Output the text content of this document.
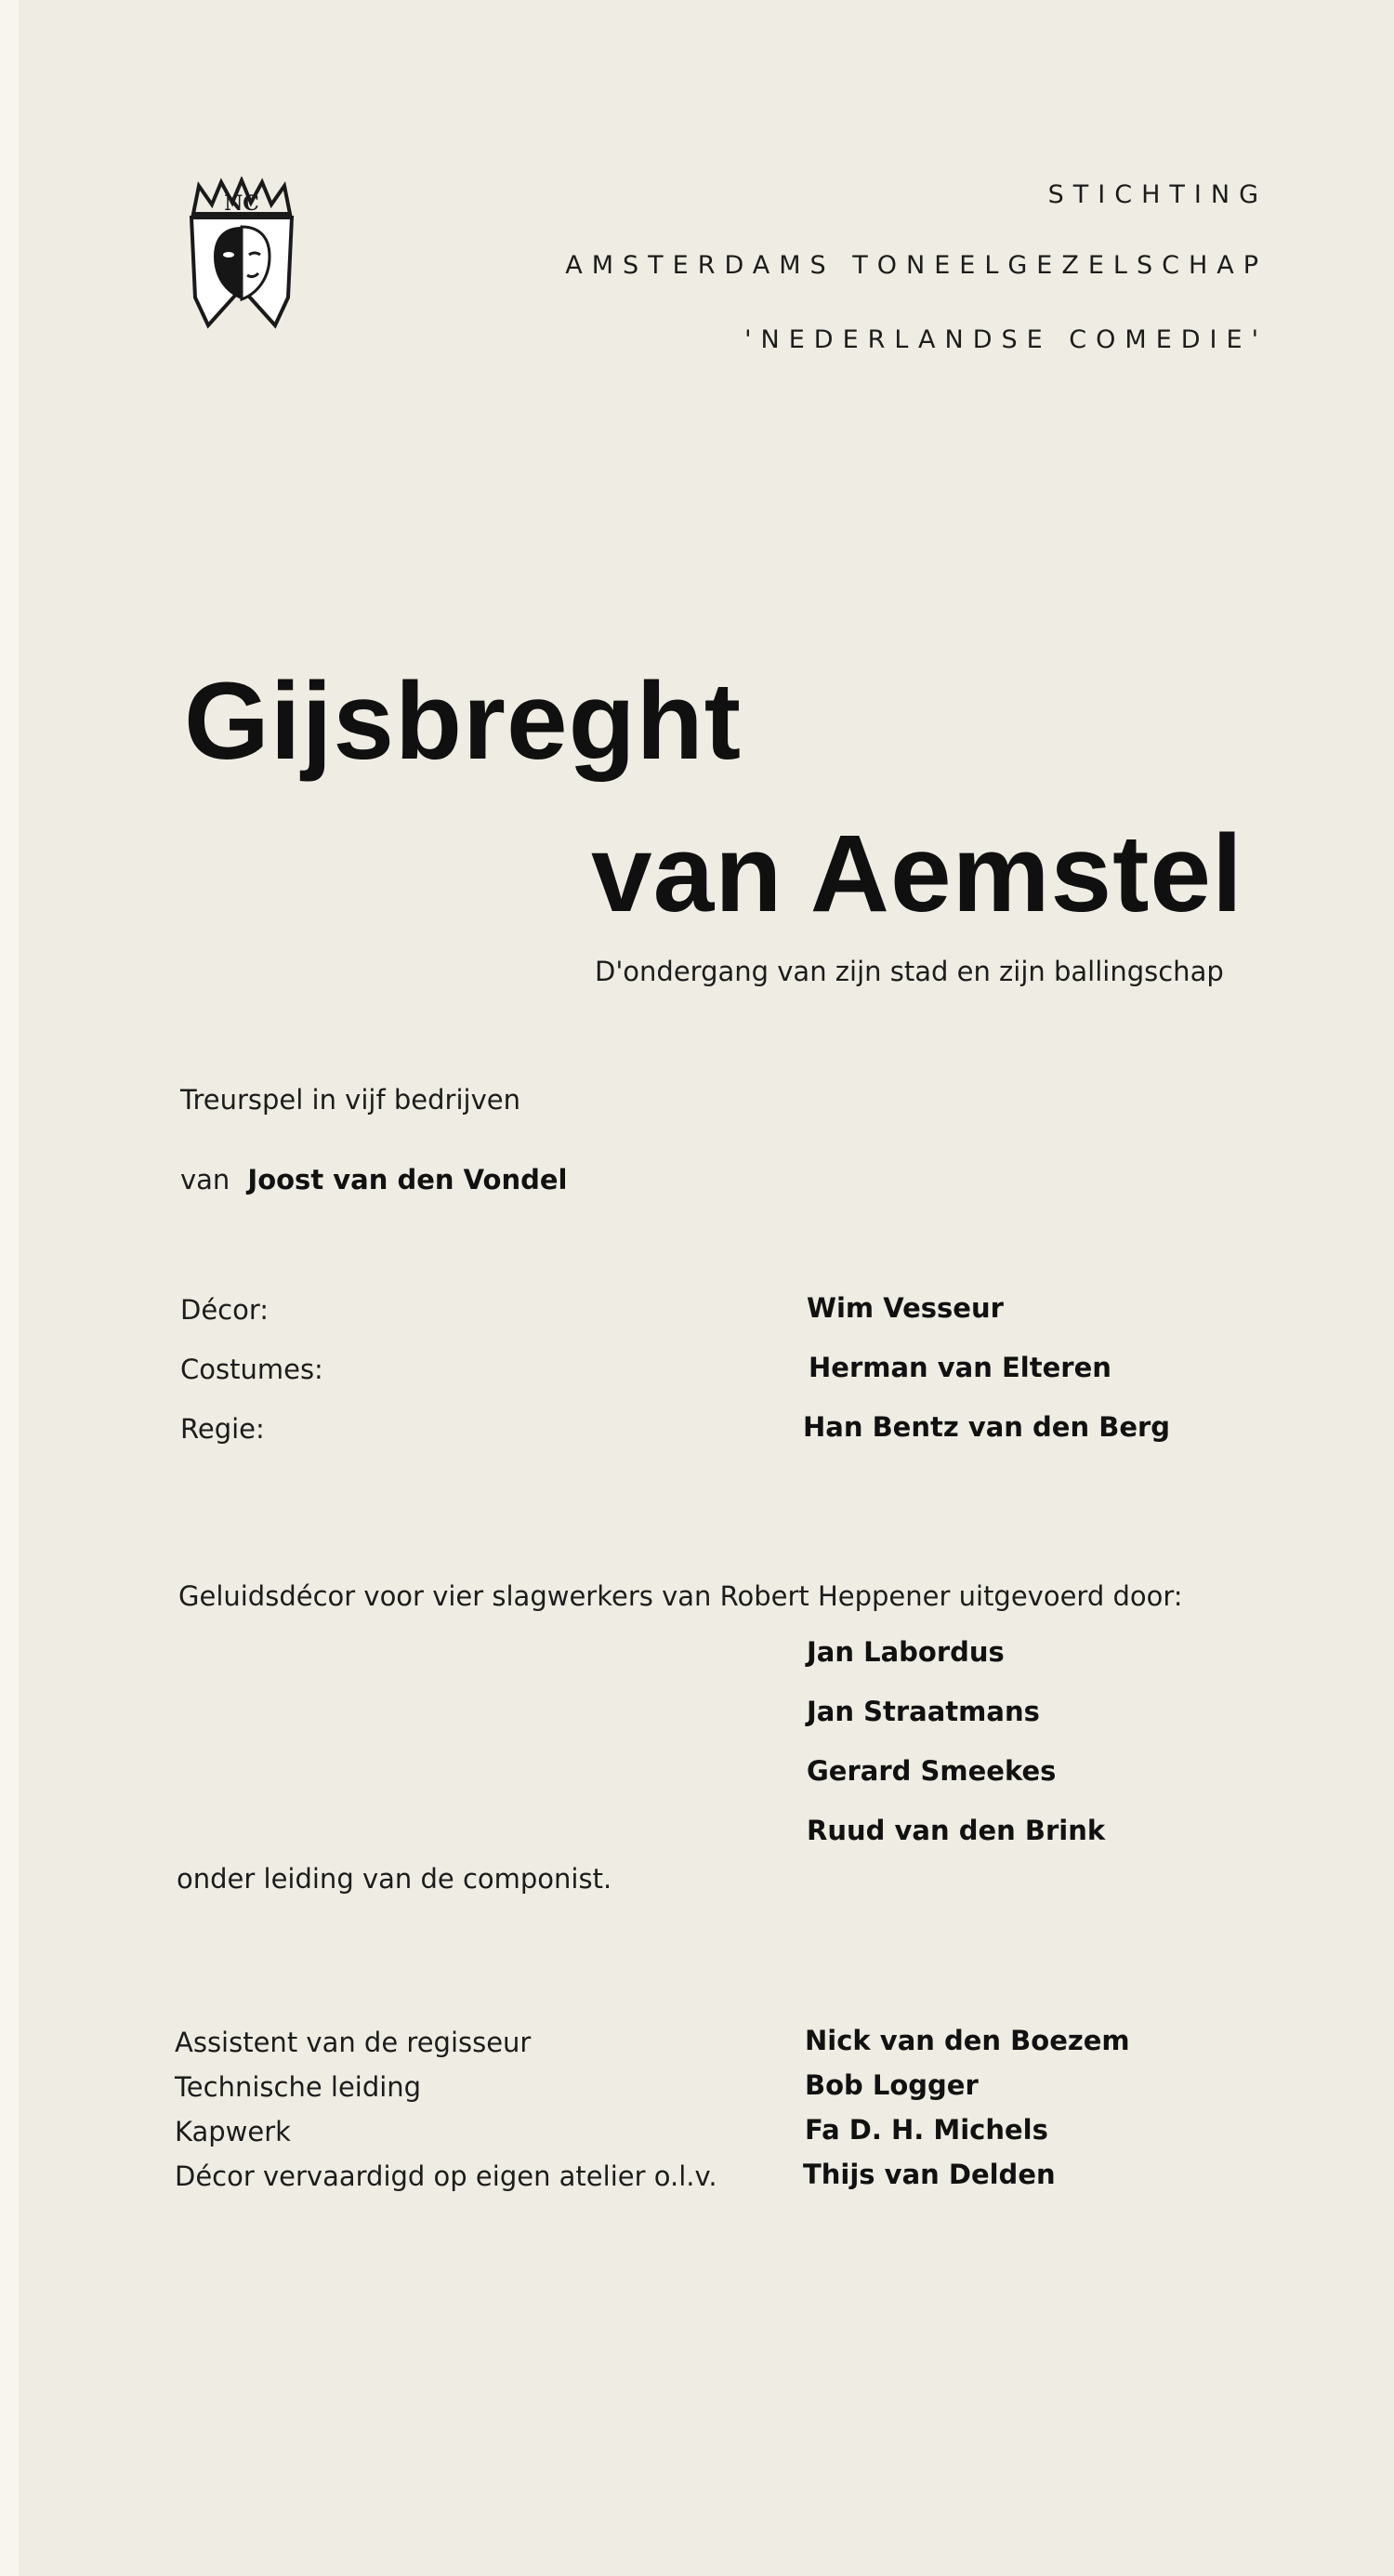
NC	STICHTING
AMSTERDAMS TONEELGEZELSCHAP
'NEDERLANDSE COMEDIE'
Gijsbreght
van Aemstel
D'ondergang van zijn stad en zijn ballingschap
Treurspel in vijf bedrijven
van Joost van den Vondel
Décor:	Wim Vesseur
Costumes:	Herman van Elteren
Regie:	Han Bentz van den Berg
Geluidsdécor voor vier slagwerkers van Robert Heppener uitgevoerd door:
Jan Labordus
Jan Straatmans
Gerard Smeekes
Ruud van den Brink
onder leiding van de componist.
Assistent van de regisseur	Nick van den Boezem
Technische leiding	Bob Logger
Kapwerk	Fa D. H. Michels
Décor vervaardigd op eigen atelier o.l.v.	Thijs van Delden
